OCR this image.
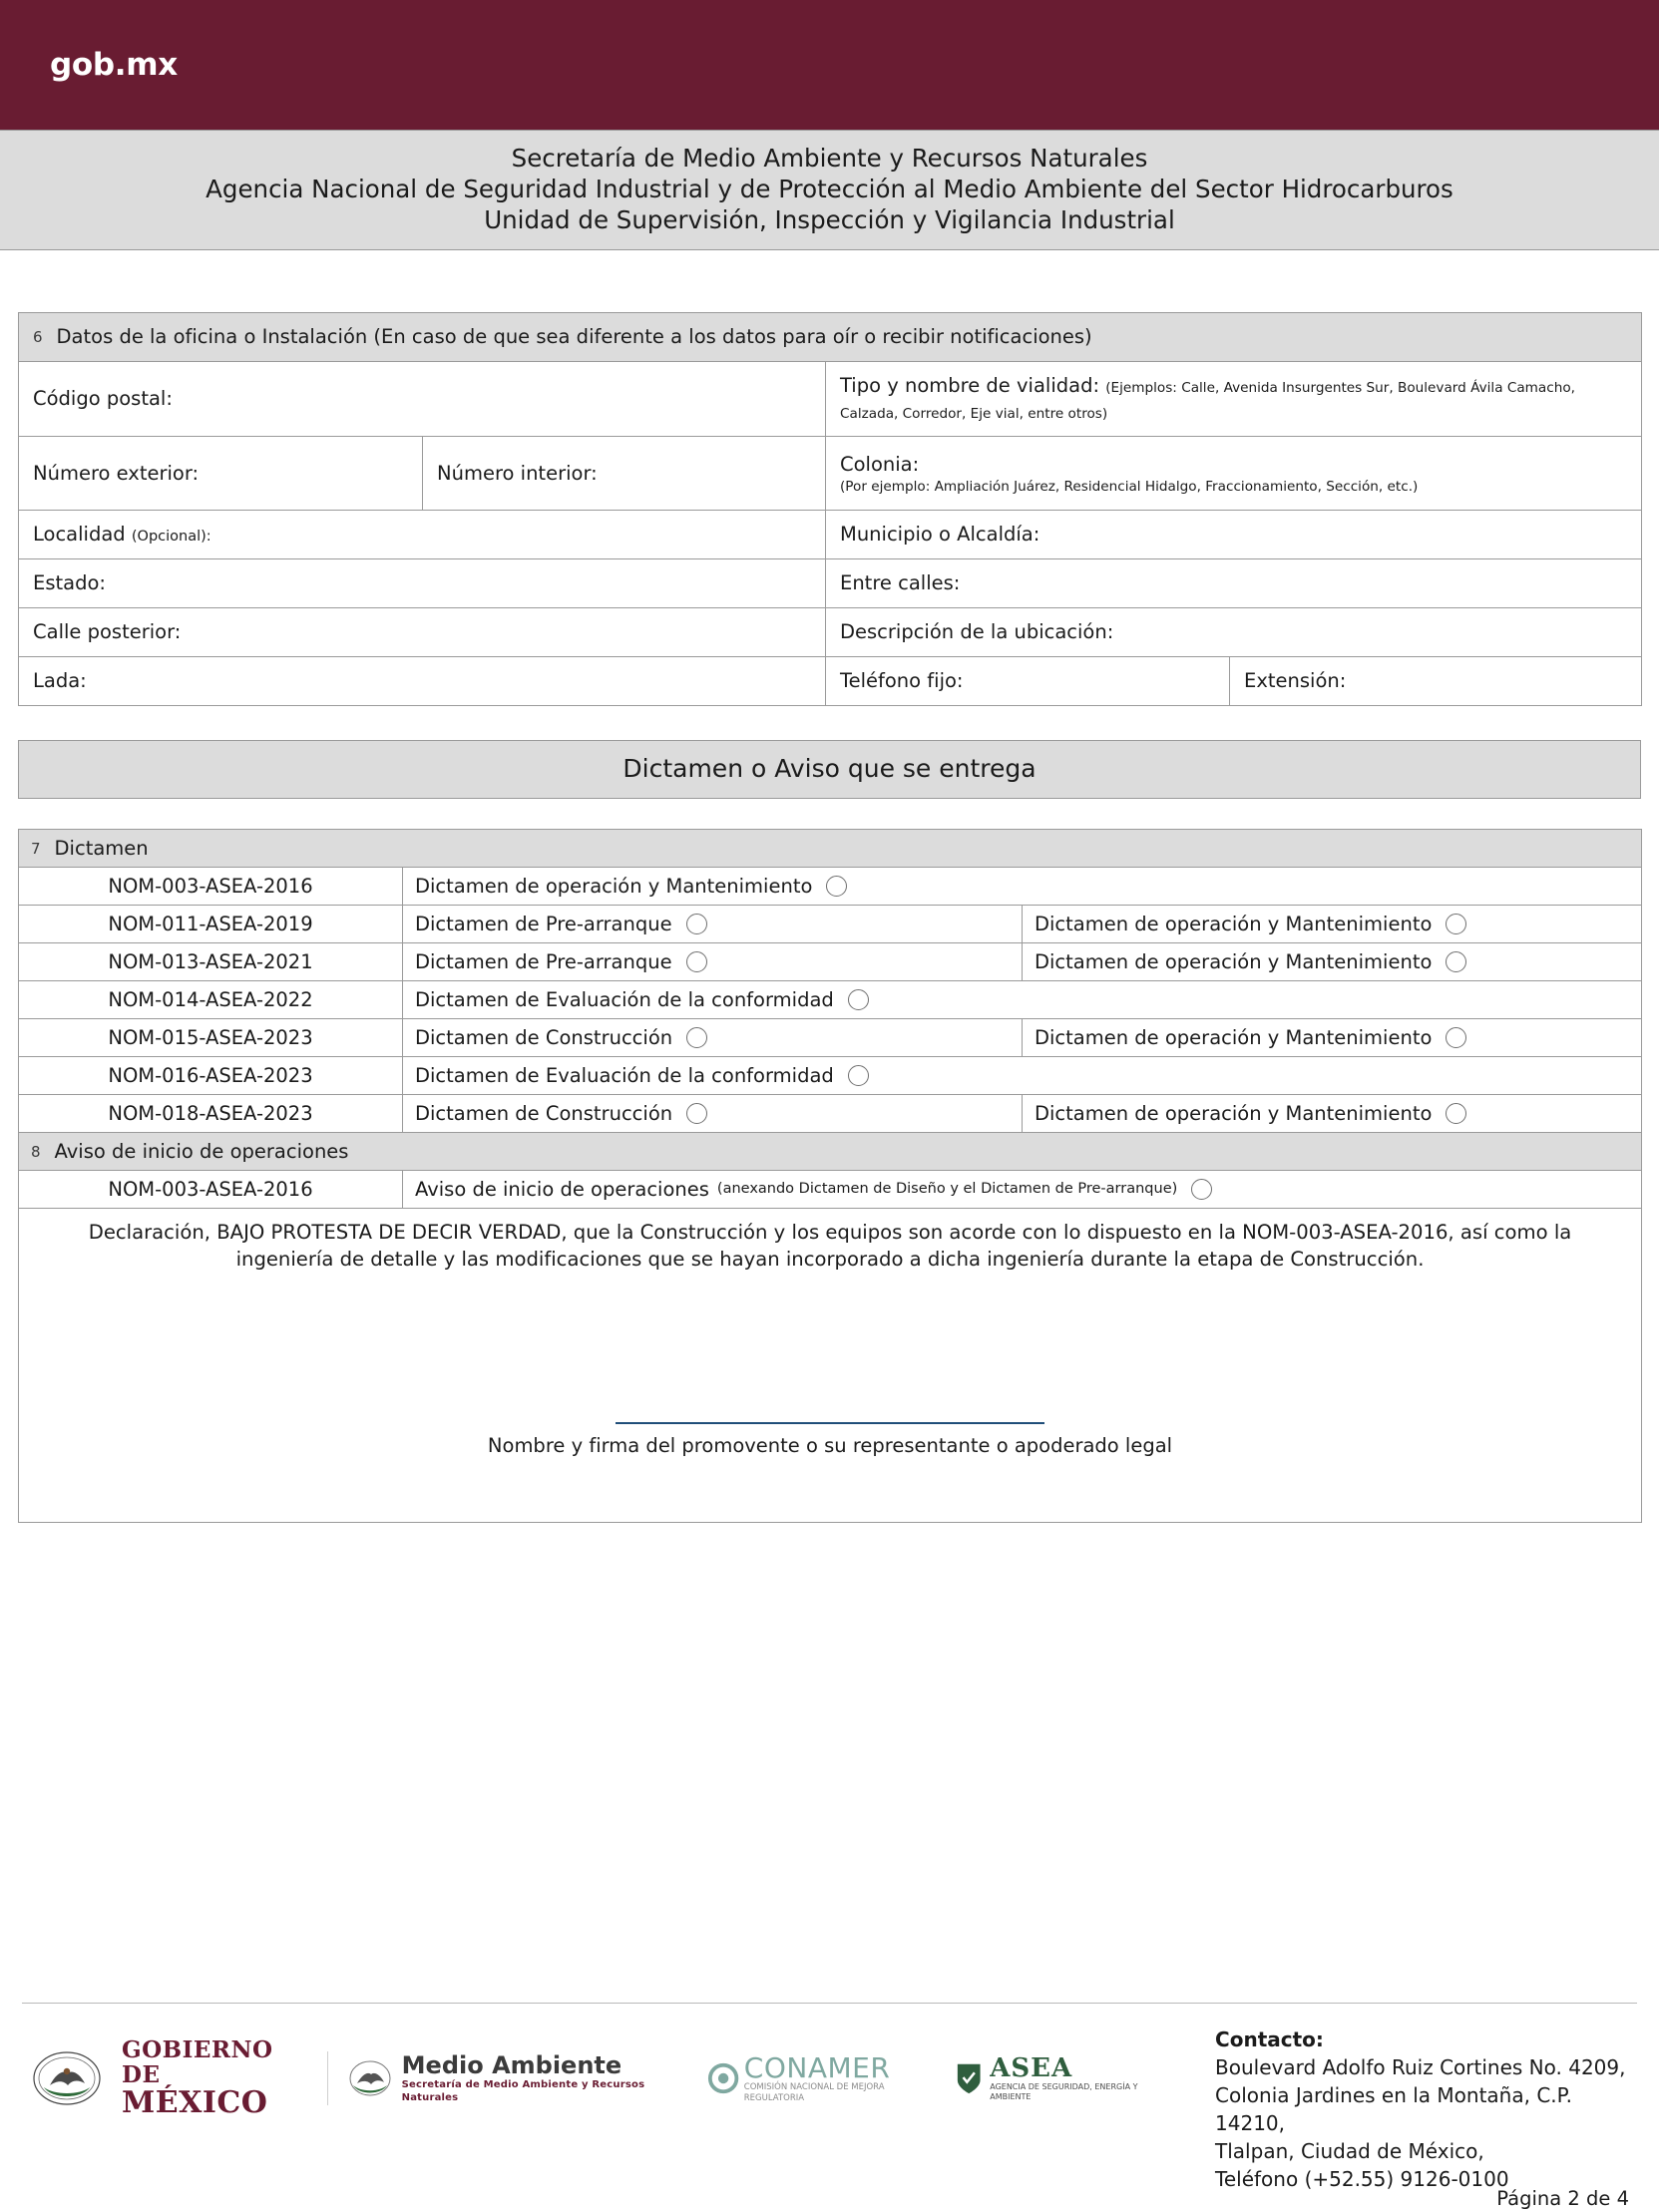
gob.mx
Secretaría de Medio Ambiente y Recursos Naturales
Agencia Nacional de Seguridad Industrial y de Protección al Medio Ambiente del Sector Hidrocarburos
Unidad de Supervisión, Inspección y Vigilancia Industrial
6 Datos de la oficina o Instalación (En caso de que sea diferente a los datos para oír o recibir notificaciones)			
Código postal:		Tipo y nombre de vialidad: (Ejemplos: Calle, Avenida Insurgentes Sur, Boulevard Ávila Camacho, Calzada, Corredor, Eje vial, entre otros)	
Número exterior:	Número interior:	Colonia:
(Por ejemplo: Ampliación Juárez, Residencial Hidalgo, Fraccionamiento, Sección, etc.)	

Localidad (Opcional):		Municipio o Alcaldía:	
Estado:		Entre calles:	
Calle posterior:		Descripción de la ubicación:	
Lada:		Teléfono fijo:	Extensión:
Dictamen o Aviso que se entrega
7 Dictamen		
NOM-003-ASEA-2016	Dictamen de operación y Mantenimiento	

NOM-011-ASEA-2019	Dictamen de Pre-arranque	Dictamen de operación y Mantenimiento

NOM-013-ASEA-2021	Dictamen de Pre-arranque	Dictamen de operación y Mantenimiento

NOM-014-ASEA-2022	Dictamen de Evaluación de la conformidad	

NOM-015-ASEA-2023	Dictamen de Construcción	Dictamen de operación y Mantenimiento

NOM-016-ASEA-2023	Dictamen de Evaluación de la conformidad	

NOM-018-ASEA-2023	Dictamen de Construcción	Dictamen de operación y Mantenimiento

8 Aviso de inicio de operaciones		
NOM-003-ASEA-2016	Aviso de inicio de operaciones (anexando Dictamen de Diseño y el Dictamen de Pre-arranque)	

Declaración, BAJO PROTESTA DE DECIR VERDAD, que la Construcción y los equipos son acorde con lo dispuesto en la NOM-003-ASEA-2016, así como la ingeniería de detalle y las modificaciones que se hayan incorporado a dicha ingeniería durante la etapa de Construcción.
Nombre y firma del promovente o su representante o apoderado legal		
GOBIERNO DE
MÉXICO
Medio Ambiente
Secretaría de Medio Ambiente y Recursos Naturales
CONAMER
COMISIÓN NACIONAL DE MEJORA REGULATORIA
ASEA
AGENCIA DE SEGURIDAD, ENERGÍA Y AMBIENTE
Contacto:
Boulevard Adolfo Ruiz Cortines No. 4209,
Colonia Jardines en la Montaña, C.P. 14210,
Tlalpan, Ciudad de México,
Teléfono (+52.55) 9126-0100
Página 2 de 4
